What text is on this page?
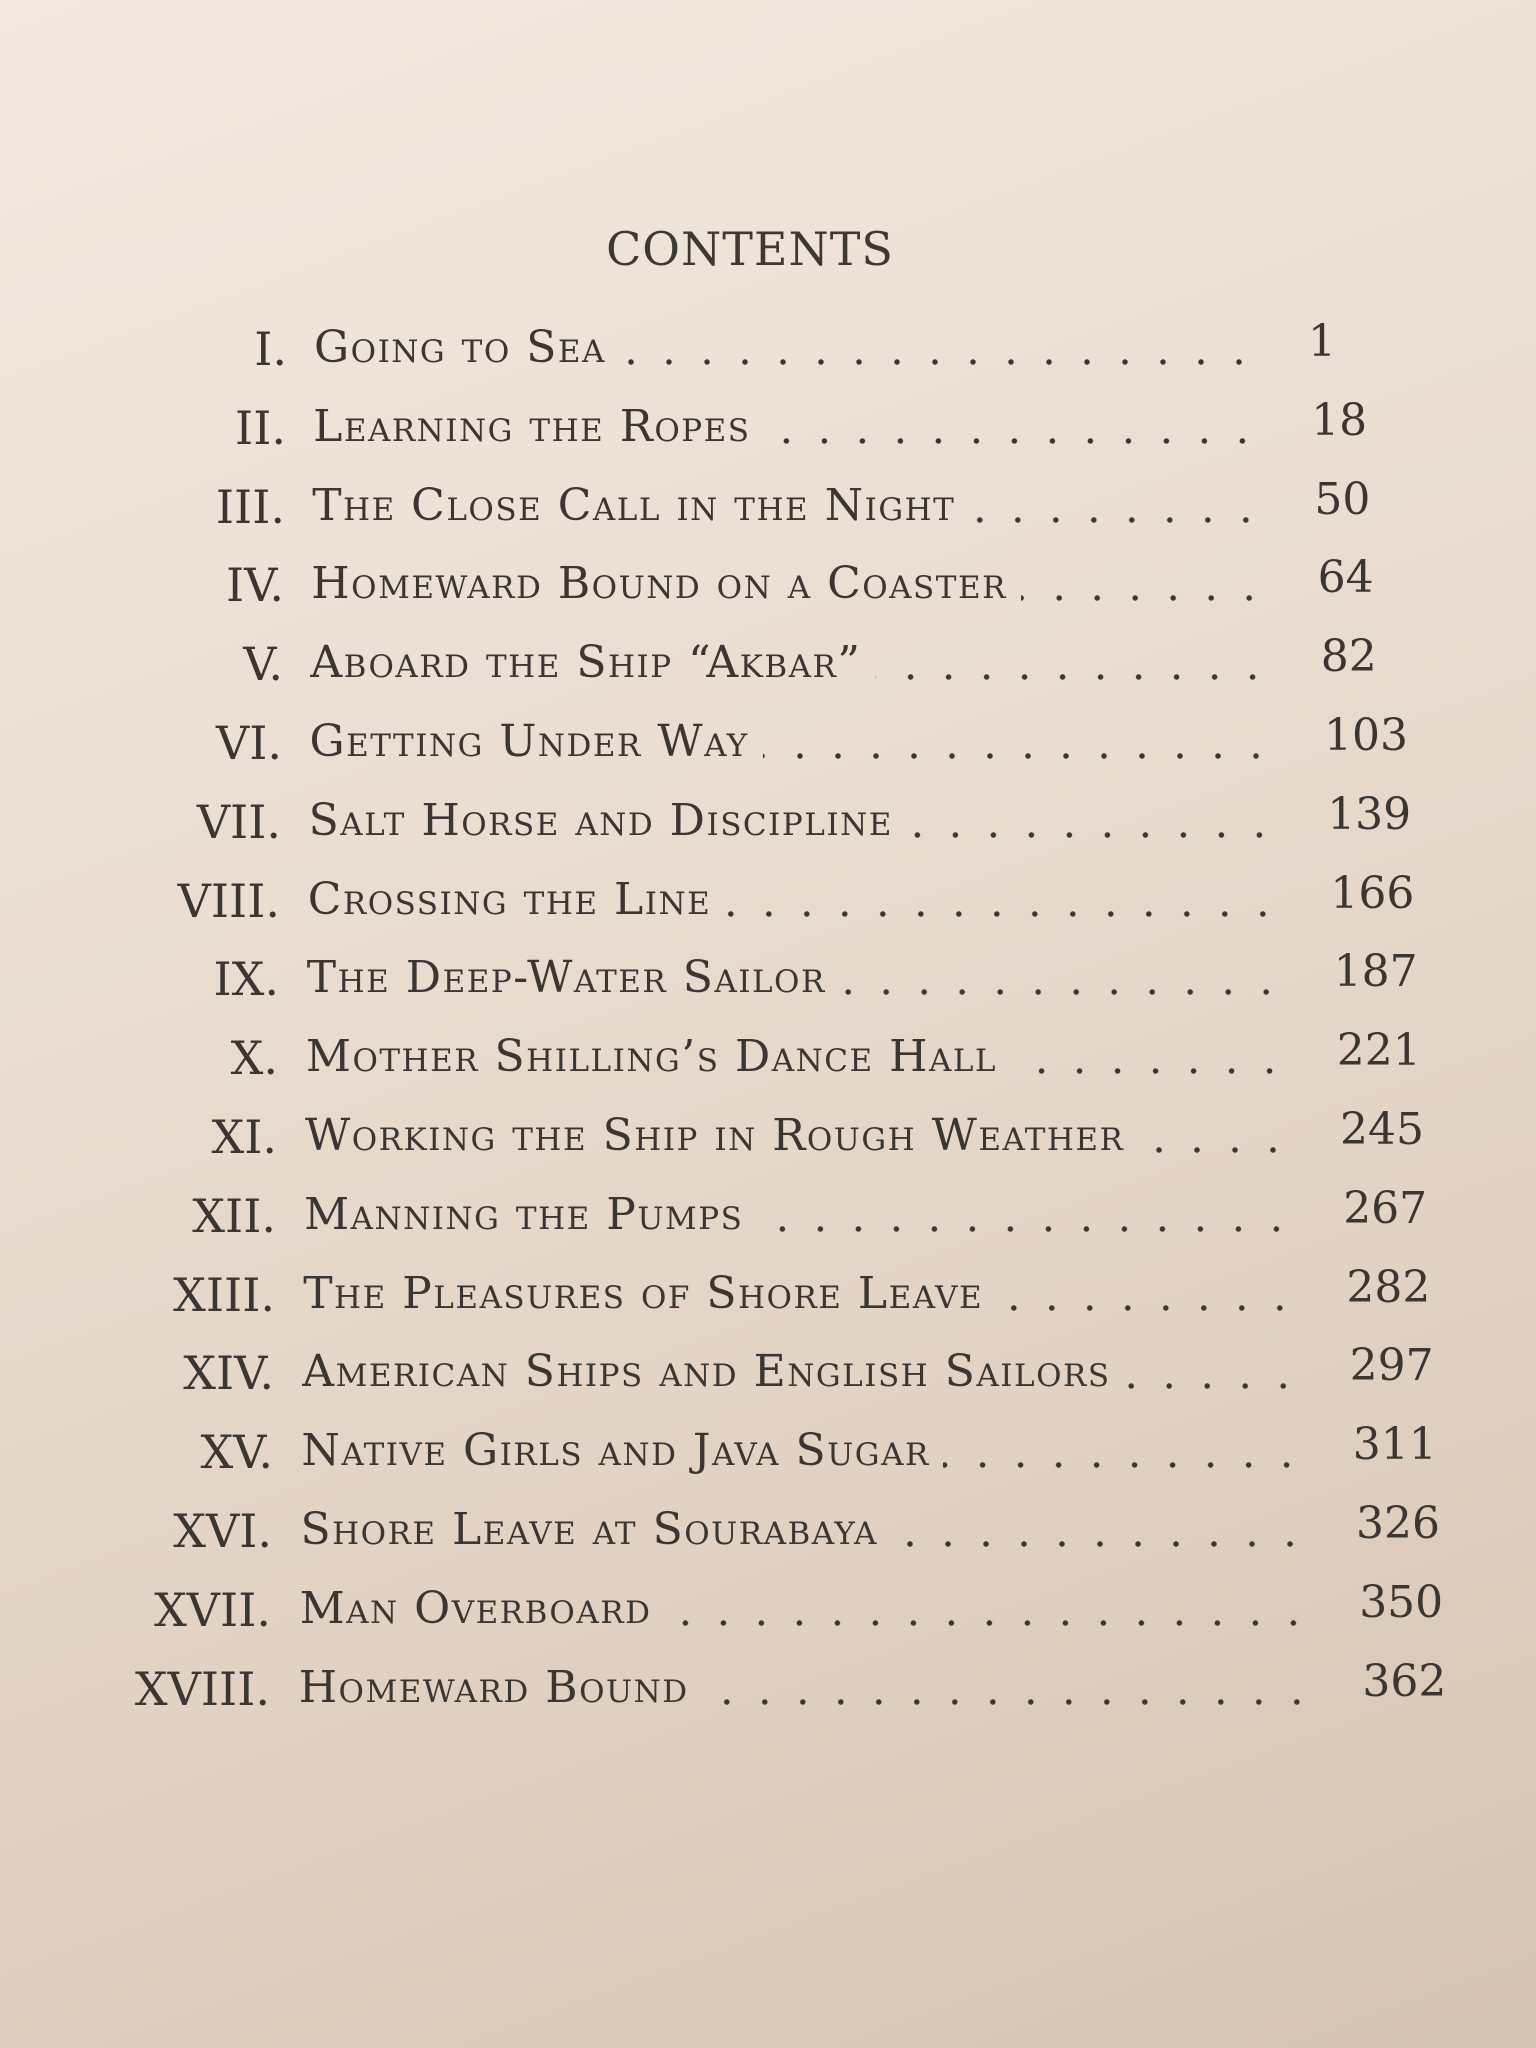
CONTENTS
I. Going to Sea	1
II. Learning the Ropes	18
III. The Close Call in the Night	50
IV. Homeward Bound on a Coaster	64
V. Aboard the Ship “Akbar”	82
VI. Getting Under Way	103
VII. Salt Horse and Discipline	139
VIII. Crossing the Line	166
IX. The Deep-Water Sailor	187
X. Mother Shilling’s Dance Hall	221
XI. Working the Ship in Rough Weather	245
XII. Manning the Pumps	267
XIII. The Pleasures of Shore Leave	282
XIV. American Ships and English Sailors	297
XV. Native Girls and Java Sugar	311
XVI. Shore Leave at Sourabaya	326
XVII. Man Overboard	350
XVIII. Homeward Bound	362
